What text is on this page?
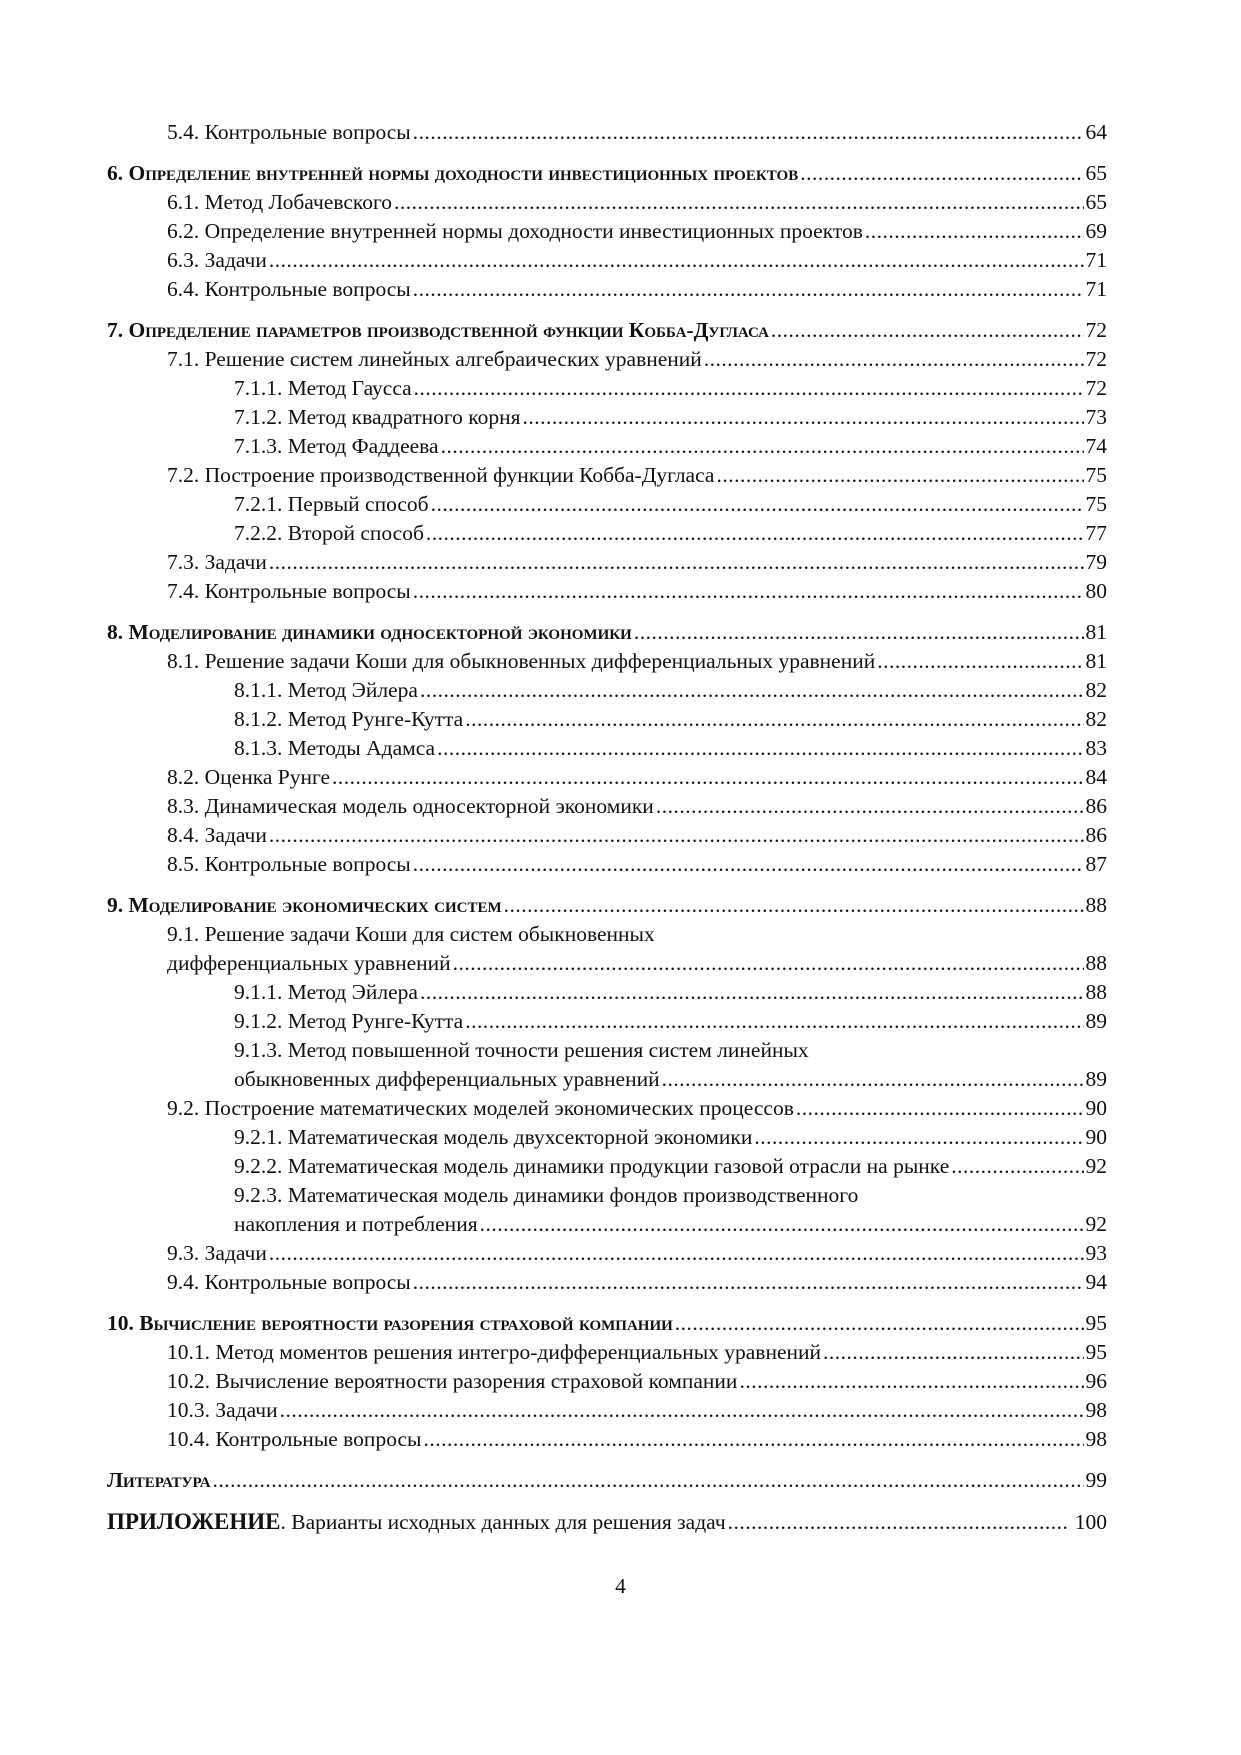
5.4. Контрольные вопросы .....	64
6. Определение внутренней нормы доходности инвестиционных проектов .....	65
6.1. Метод Лобачевского .....	65
6.2. Определение внутренней нормы доходности инвестиционных проектов .....	69
6.3. Задачи .....	71
6.4. Контрольные вопросы .....	71
7. Определение параметров производственной функции Кобба-Дугласа .....	72
7.1. Решение систем линейных алгебраических уравнений .....	72
7.1.1. Метод Гаусса .....	72
7.1.2. Метод квадратного корня .....	73
7.1.3. Метод Фаддеева .....	74
7.2. Построение производственной функции Кобба-Дугласа .....	75
7.2.1. Первый способ .....	75
7.2.2. Второй способ .....	77
7.3. Задачи .....	79
7.4. Контрольные вопросы .....	80
8. Моделирование динамики односекторной экономики .....	81
8.1. Решение задачи Коши для обыкновенных дифференциальных уравнений .....	81
8.1.1. Метод Эйлера .....	82
8.1.2. Метод Рунге-Кутта .....	82
8.1.3. Методы Адамса .....	83
8.2. Оценка Рунге .....	84
8.3. Динамическая модель односекторной экономики .....	86
8.4. Задачи .....	86
8.5. Контрольные вопросы .....	87
9. Моделирование экономических систем .....	88
9.1. Решение задачи Коши для систем обыкновенных
дифференциальных уравнений .....	88
9.1.1. Метод Эйлера .....	88
9.1.2. Метод Рунге-Кутта .....	89
9.1.3. Метод повышенной точности решения систем линейных
обыкновенных дифференциальных уравнений .....	89
9.2. Построение математических моделей экономических процессов .....	90
9.2.1. Математическая модель двухсекторной экономики .....	90
9.2.2. Математическая модель динамики продукции газовой отрасли на рынке .....	92
9.2.3. Математическая модель динамики фондов производственного
накопления и потребления .....	92
9.3. Задачи .....	93
9.4. Контрольные вопросы .....	94
10. Вычисление вероятности разорения страховой компании .....	95
10.1. Метод моментов решения интегро-дифференциальных уравнений .....	95
10.2. Вычисление вероятности разорения страховой компании .....	96
10.3. Задачи .....	98
10.4. Контрольные вопросы .....	98
Литература .....	99
ПРИЛОЖЕНИЕ. Варианты исходных данных для решения задач .....	100
4
